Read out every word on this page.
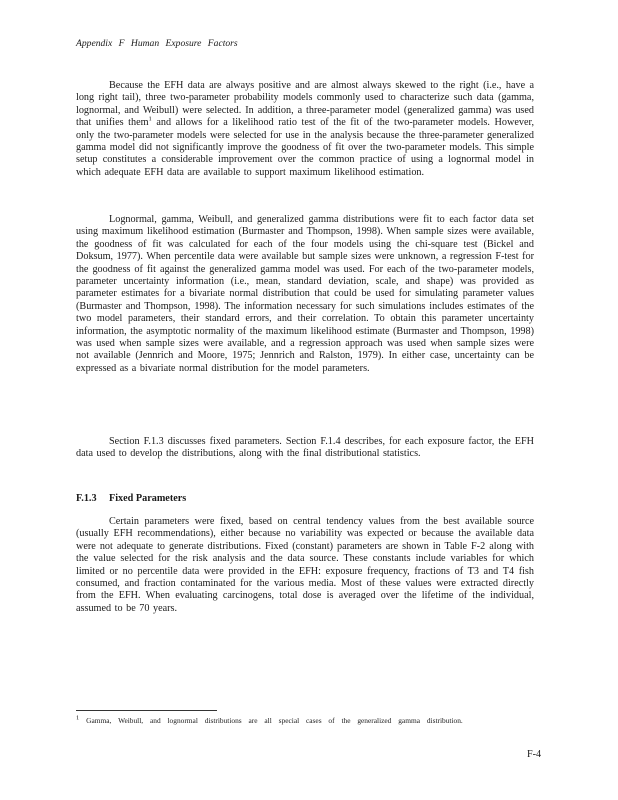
Appendix F Human Exposure Factors

Because the EFH data are always positive and are almost always skewed to the right (i.e., have a long right tail), three two-parameter probability models commonly used to characterize such data (gamma, lognormal, and Weibull) were selected. In addition, a three-parameter model (generalized gamma) was used that unifies them$^1$ and allows for a likelihood ratio test of the fit of the two-parameter models. However, only the two-parameter models were selected for use in the analysis because the three-parameter generalized gamma model did not significantly improve the goodness of fit over the two-parameter models. This simple setup constitutes a considerable improvement over the common practice of using a lognormal model in which adequate EFH data are available to support maximum likelihood estimation.

Lognormal, gamma, Weibull, and generalized gamma distributions were fit to each factor data set using maximum likelihood estimation (Burmaster and Thompson, 1998). When sample sizes were available, the goodness of fit was calculated for each of the four models using the chi-square test (Bickel and Doksum, 1977). When percentile data were available but sample sizes were unknown, a regression F-test for the goodness of fit against the generalized gamma model was used. For each of the two-parameter models, parameter uncertainty information (i.e., mean, standard deviation, scale, and shape) was provided as parameter estimates for a bivariate normal distribution that could be used for simulating parameter values (Burmaster and Thompson, 1998). The information necessary for such simulations includes estimates of the two model parameters, their standard errors, and their correlation. To obtain this parameter uncertainty information, the asymptotic normality of the maximum likelihood estimate (Burmaster and Thompson, 1998) was used when sample sizes were available, and a regression approach was used when sample sizes were not available (Jennrich and Moore, 1975; Jennrich and Ralston, 1979). In either case, uncertainty can be expressed as a bivariate normal distribution for the model parameters.

Section F.1.3 discusses fixed parameters. Section F.1.4 describes, for each exposure factor, the EFH data used to develop the distributions, along with the final distributional statistics.

F.1.3 Fixed Parameters

Certain parameters were fixed, based on central tendency values from the best available source (usually EFH recommendations), either because no variability was expected or because the available data were not adequate to generate distributions. Fixed (constant) parameters are shown in Table F-2 along with the value selected for the risk analysis and the data source. These constants include variables for which limited or no percentile data were provided in the EFH: exposure frequency, fractions of T3 and T4 fish consumed, and fraction contaminated for the various media. Most of these values were extracted directly from the EFH. When evaluating carcinogens, total dose is averaged over the lifetime of the individual, assumed to be 70 years.

$^1$ Gamma, Weibull, and lognormal distributions are all special cases of the generalized gamma distribution.
F-4
